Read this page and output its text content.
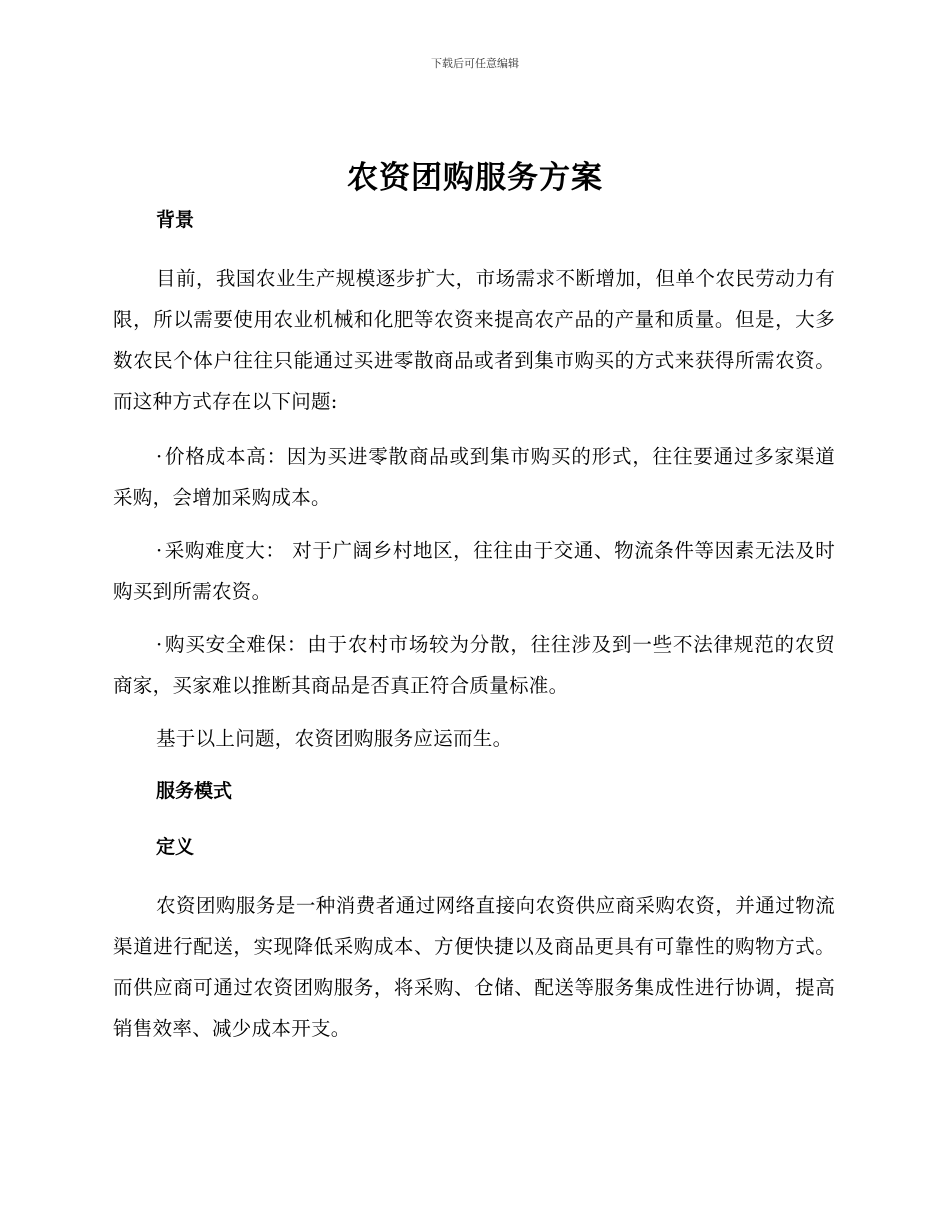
下载后可任意编辑
农资团购服务方案
背景

目前，我国农业生产规模逐步扩大，市场需求不断增加，但单个农民劳动力有限，所以需要使用农业机械和化肥等农资来提高农产品的产量和质量。但是，大多数农民个体户往往只能通过买进零散商品或者到集市购买的方式来获得所需农资。而这种方式存在以下问题:

· 价格成本高：因为买进零散商品或到集市购买的形式，往往要通过多家渠道采购，会增加采购成本。

· 采购难度大： 对于广阔乡村地区，往往由于交通、物流条件等因素无法及时购买到所需农资。

· 购买安全难保：由于农村市场较为分散，往往涉及到一些不法律规范的农贸商家，买家难以推断其商品是否真正符合质量标准。

基于以上问题，农资团购服务应运而生。

服务模式
定义

农资团购服务是一种消费者通过网络直接向农资供应商采购农资，并通过物流渠道进行配送，实现降低采购成本、方便快捷以及商品更具有可靠性的购物方式。而供应商可通过农资团购服务，将采购、仓储、配送等服务集成性进行协调，提高销售效率、减少成本开支。
